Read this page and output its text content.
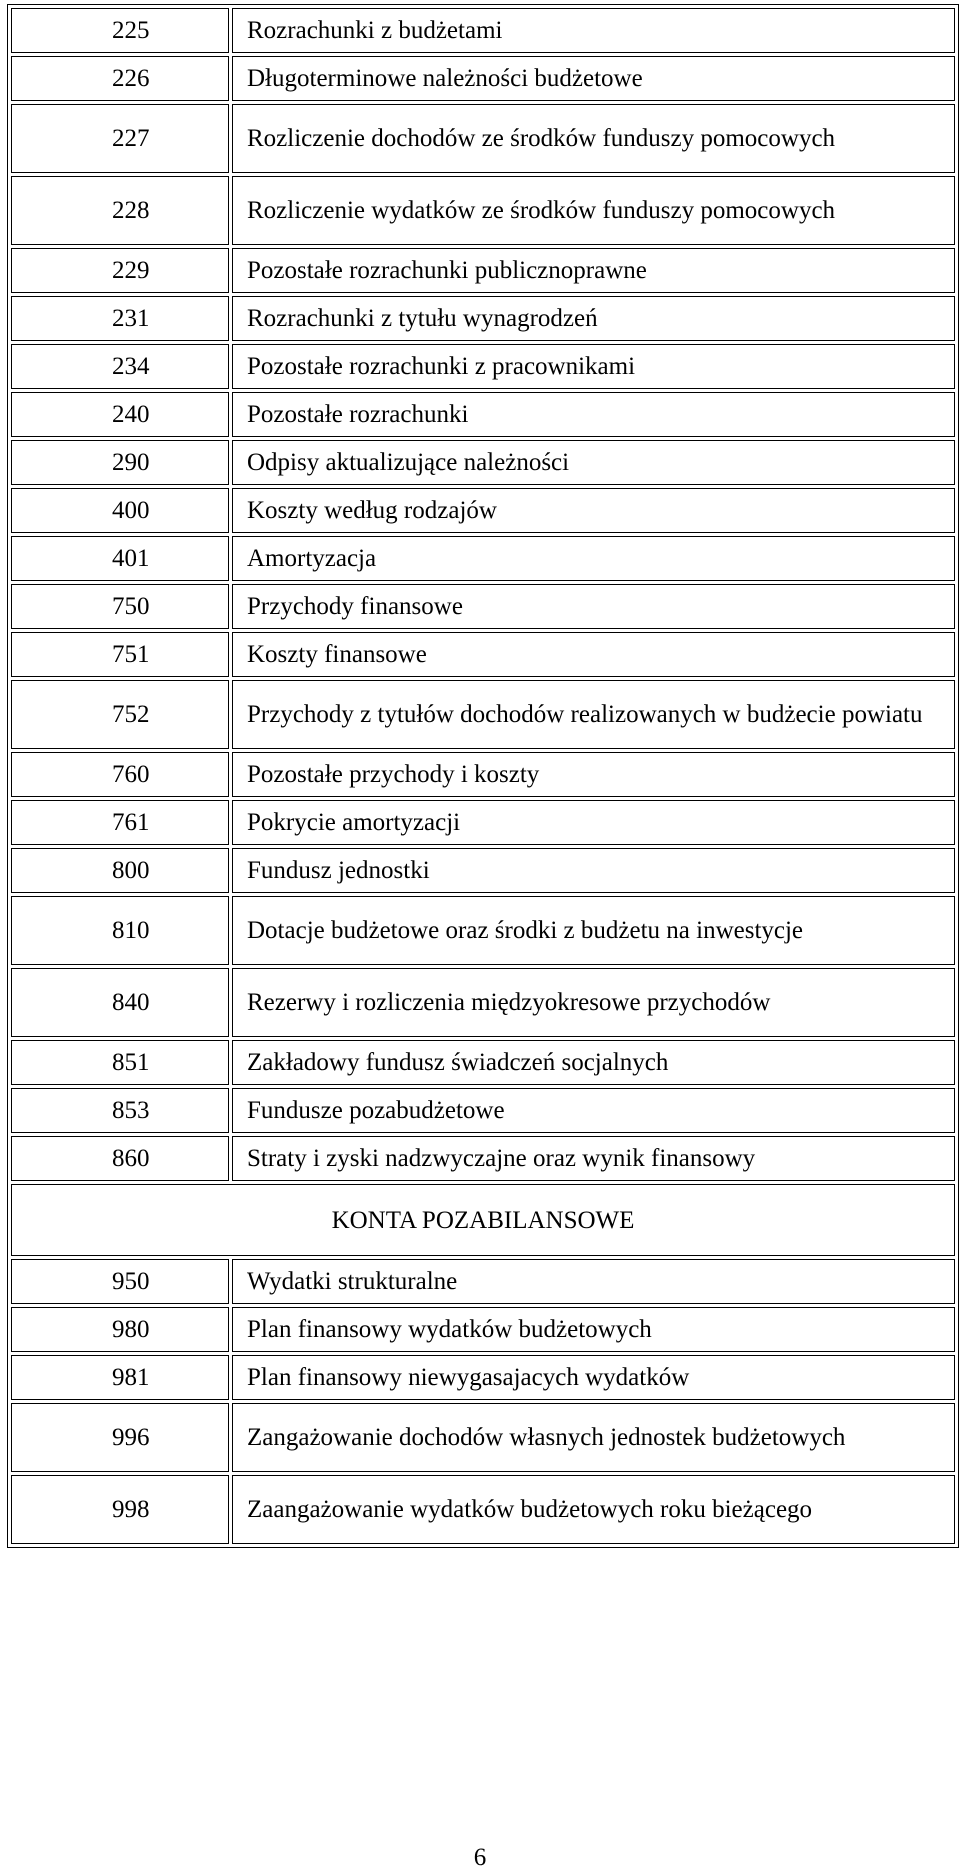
225	Rozrachunki z budżetami
226	Długoterminowe należności budżetowe
227	Rozliczenie dochodów ze środków funduszy pomocowych
228	Rozliczenie wydatków ze środków funduszy pomocowych
229	Pozostałe rozrachunki publicznoprawne
231	Rozrachunki z tytułu wynagrodzeń
234	Pozostałe rozrachunki z pracownikami
240	Pozostałe rozrachunki
290	Odpisy aktualizujące należności
400	Koszty według rodzajów
401	Amortyzacja
750	Przychody finansowe
751	Koszty finansowe
752	Przychody z tytułów dochodów realizowanych w budżecie powiatu
760	Pozostałe przychody i koszty
761	Pokrycie amortyzacji
800	Fundusz jednostki
810	Dotacje budżetowe oraz środki z budżetu na inwestycje
840	Rezerwy i rozliczenia międzyokresowe przychodów
851	Zakładowy fundusz świadczeń socjalnych
853	Fundusze pozabudżetowe
860	Straty i zyski nadzwyczajne oraz wynik finansowy
KONTA POZABILANSOWE	
950	Wydatki strukturalne
980	Plan finansowy wydatków budżetowych
981	Plan finansowy niewygasajacych wydatków
996	Zangażowanie dochodów własnych jednostek budżetowych
998	Zaangażowanie wydatków budżetowych roku bieżącego
6
